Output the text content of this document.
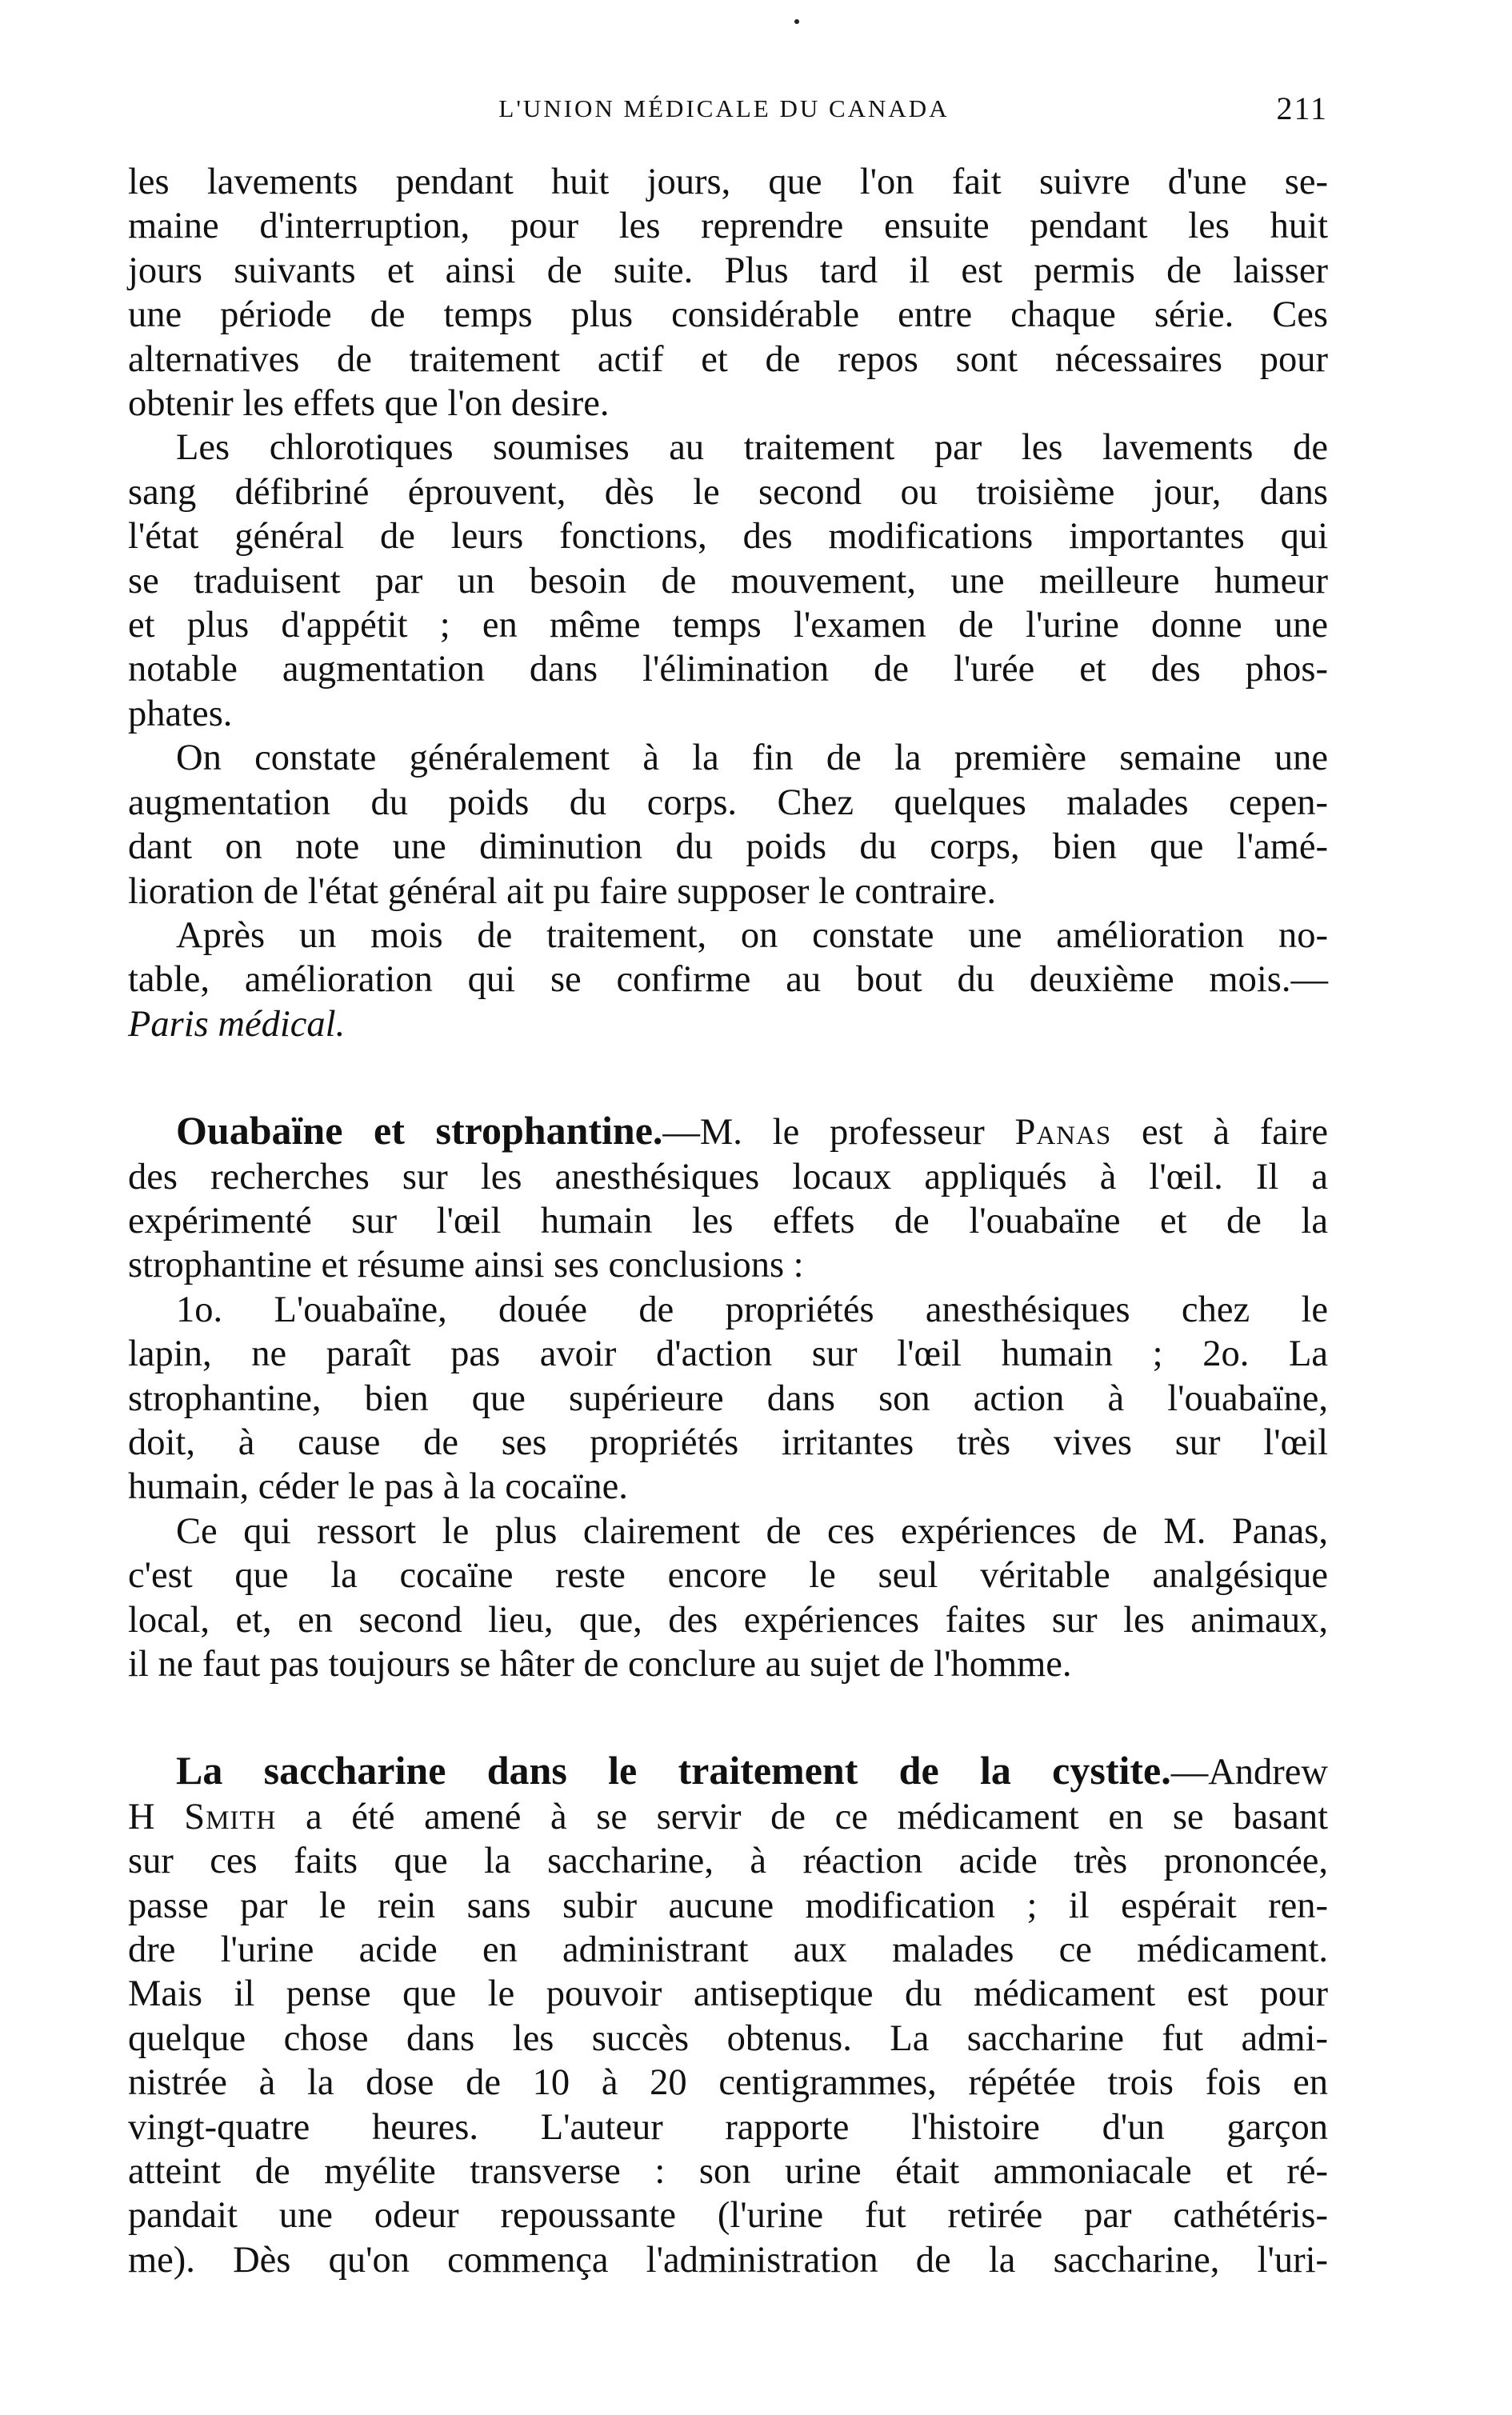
L'UNION MÉDICALE DU CANADA	211
les lavements pendant huit jours, que l'on fait suivre d'une se-
maine d'interruption, pour les reprendre ensuite pendant les huit
jours suivants et ainsi de suite. Plus tard il est permis de laisser
une période de temps plus considérable entre chaque série. Ces
alternatives de traitement actif et de repos sont nécessaires pour
obtenir les effets que l'on desire.
Les chlorotiques soumises au traitement par les lavements de
sang défibriné éprouvent, dès le second ou troisième jour, dans
l'état général de leurs fonctions, des modifications importantes qui
se traduisent par un besoin de mouvement, une meilleure humeur
et plus d'appétit ; en même temps l'examen de l'urine donne une
notable augmentation dans l'élimination de l'urée et des phos-
phates.
On constate généralement à la fin de la première semaine une
augmentation du poids du corps. Chez quelques malades cepen-
dant on note une diminution du poids du corps, bien que l'amé-
lioration de l'état général ait pu faire supposer le contraire.
Après un mois de traitement, on constate une amélioration no-
table, amélioration qui se confirme au bout du deuxième mois.—
Paris médical.
Ouabaïne et strophantine.—M. le professeur Panas est à faire
des recherches sur les anesthésiques locaux appliqués à l'œil. Il a
expérimenté sur l'œil humain les effets de l'ouabaïne et de la
strophantine et résume ainsi ses conclusions :
1o. L'ouabaïne, douée de propriétés anesthésiques chez le
lapin, ne paraît pas avoir d'action sur l'œil humain ; 2o. La
strophantine, bien que supérieure dans son action à l'ouabaïne,
doit, à cause de ses propriétés irritantes très vives sur l'œil
humain, céder le pas à la cocaïne.
Ce qui ressort le plus clairement de ces expériences de M. Panas,
c'est que la cocaïne reste encore le seul véritable analgésique
local, et, en second lieu, que, des expériences faites sur les animaux,
il ne faut pas toujours se hâter de conclure au sujet de l'homme.
La saccharine dans le traitement de la cystite.—Andrew
H Smith a été amené à se servir de ce médicament en se basant
sur ces faits que la saccharine, à réaction acide très prononcée,
passe par le rein sans subir aucune modification ; il espérait ren-
dre l'urine acide en administrant aux malades ce médicament.
Mais il pense que le pouvoir antiseptique du médicament est pour
quelque chose dans les succès obtenus. La saccharine fut admi-
nistrée à la dose de 10 à 20 centigrammes, répétée trois fois en
vingt-quatre heures. L'auteur rapporte l'histoire d'un garçon
atteint de myélite transverse : son urine était ammoniacale et ré-
pandait une odeur repoussante (l'urine fut retirée par cathétéris-
me). Dès qu'on commença l'administration de la saccharine, l'uri-
